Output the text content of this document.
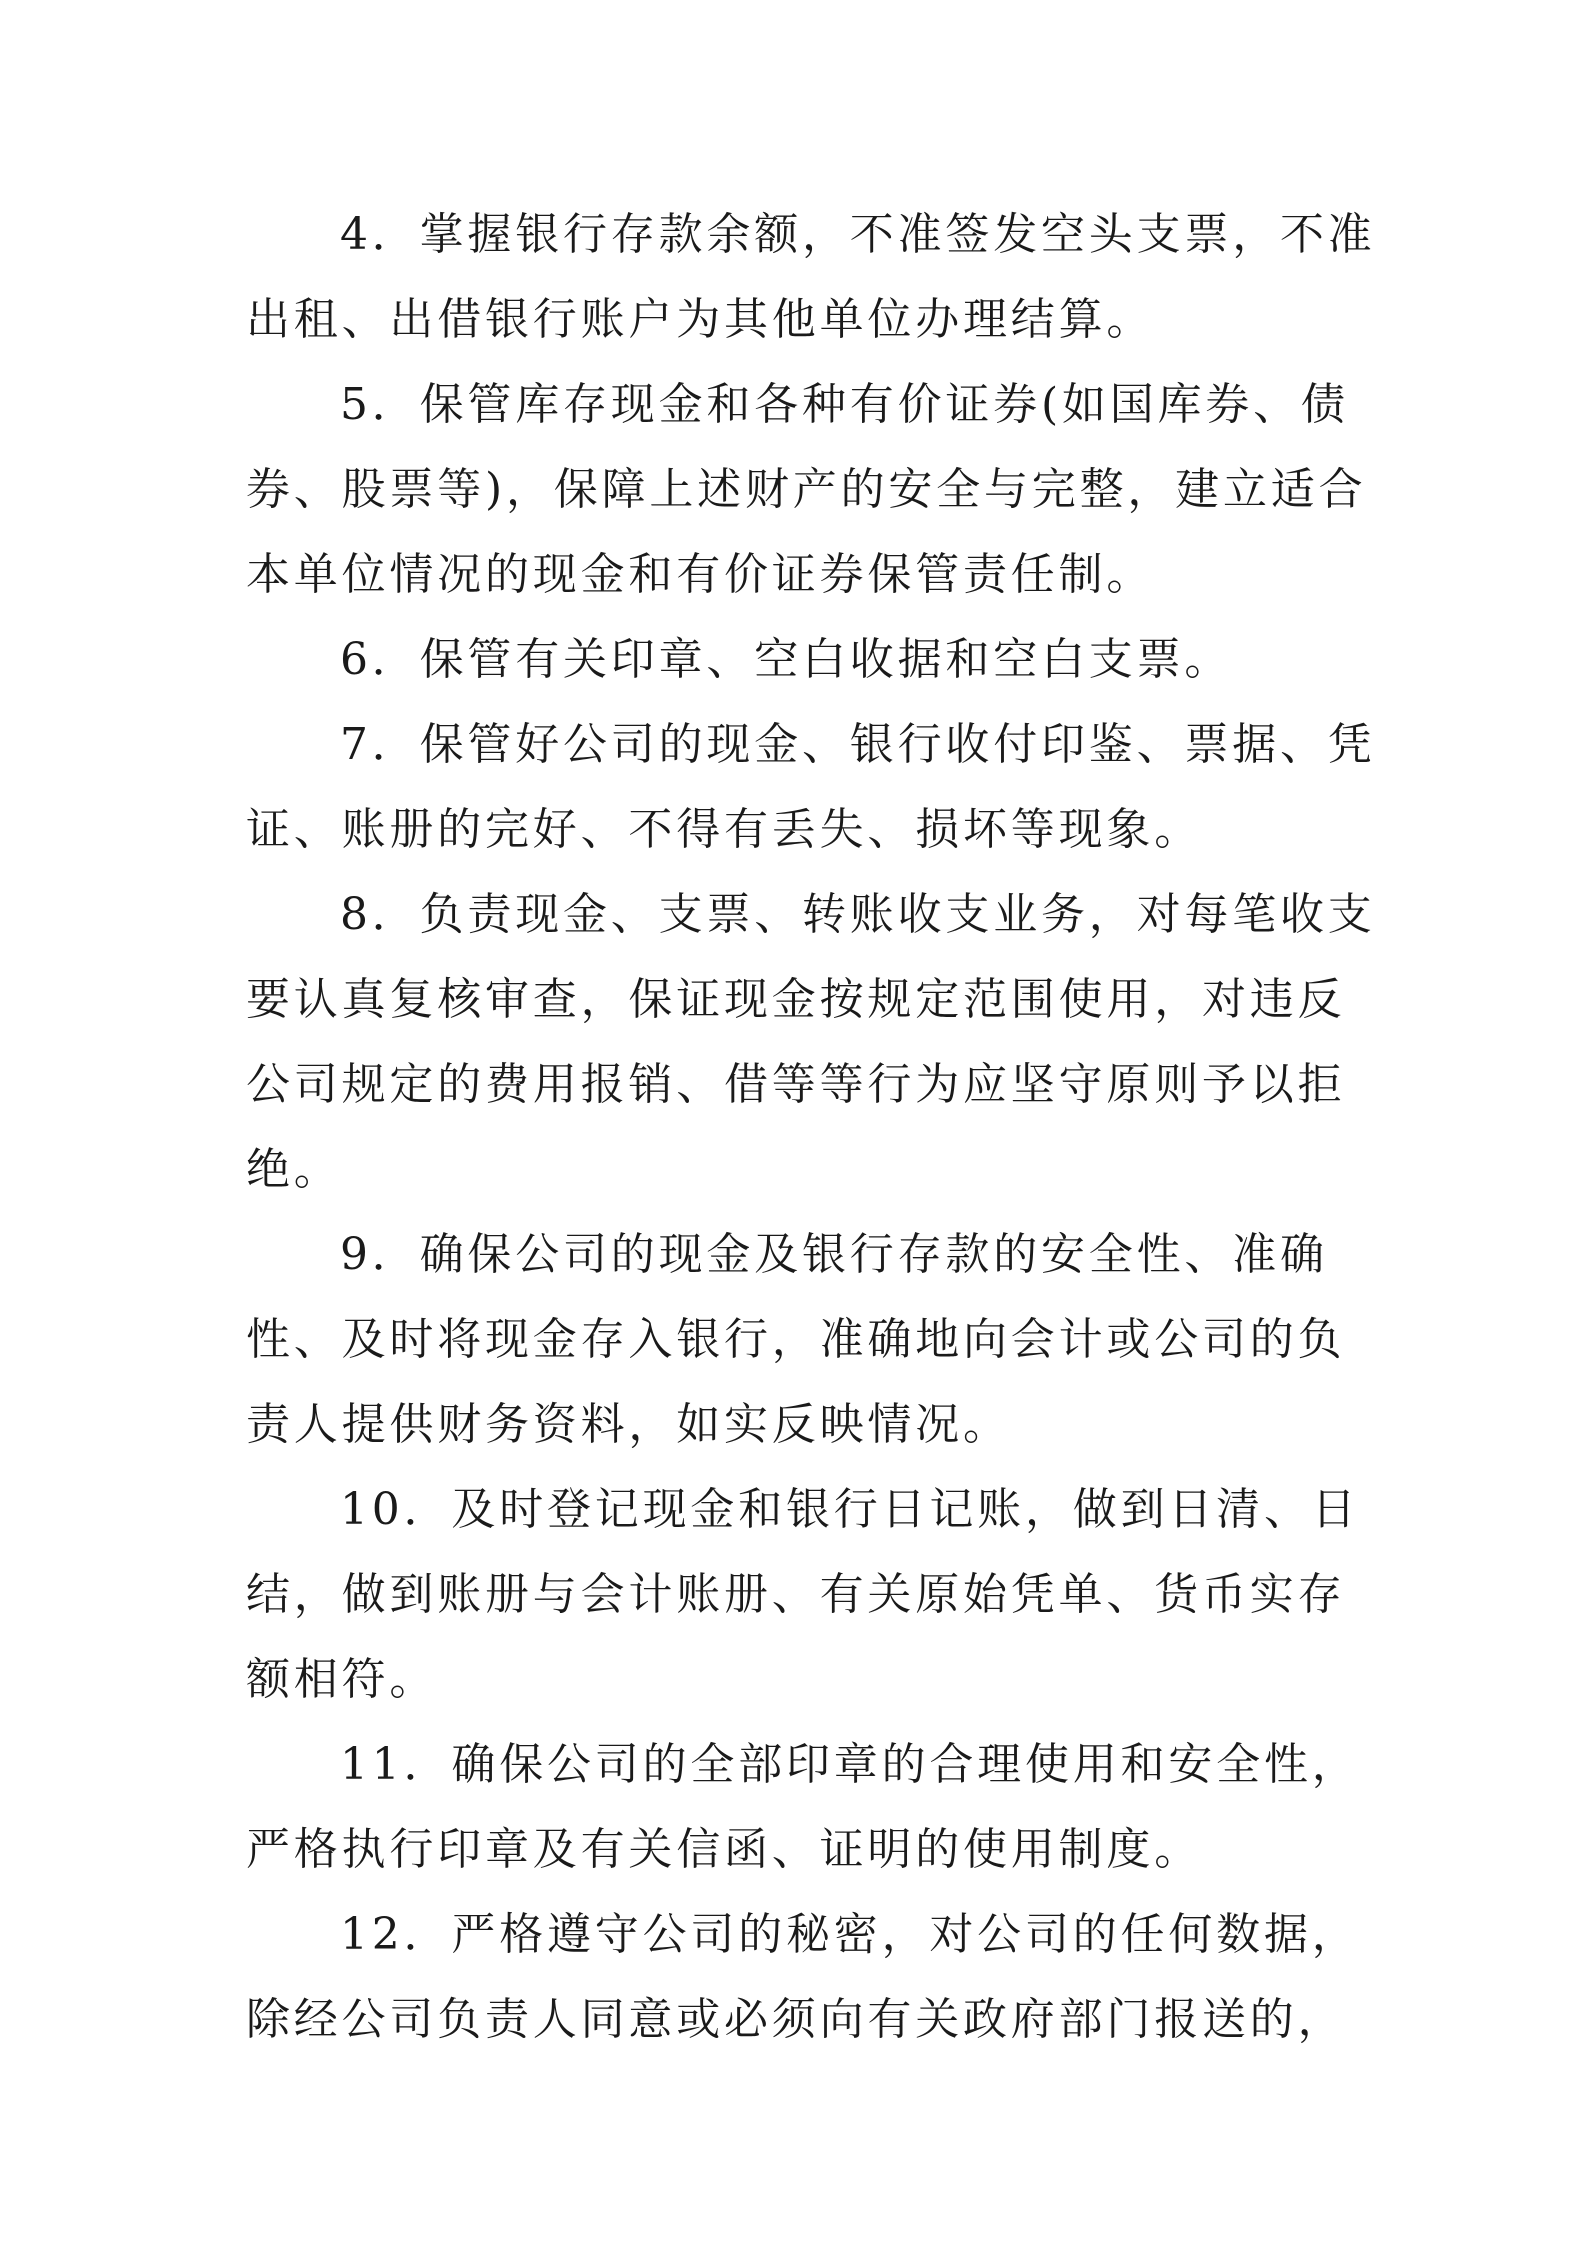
4．掌握银行存款余额，不准签发空头支票，不准

出租、出借银行账户为其他单位办理结算。

5．保管库存现金和各种有价证券(如国库券、债

券、股票等)，保障上述财产的安全与完整，建立适合

本单位情况的现金和有价证券保管责任制。

6．保管有关印章、空白收据和空白支票。

7．保管好公司的现金、银行收付印鉴、票据、凭

证、账册的完好、不得有丢失、损坏等现象。

8．负责现金、支票、转账收支业务，对每笔收支

要认真复核审查，保证现金按规定范围使用，对违反

公司规定的费用报销、借等等行为应坚守原则予以拒

绝。

9．确保公司的现金及银行存款的安全性、准确

性、及时将现金存入银行，准确地向会计或公司的负

责人提供财务资料，如实反映情况。

10．及时登记现金和银行日记账，做到日清、日

结，做到账册与会计账册、有关原始凭单、货币实存

额相符。

11．确保公司的全部印章的合理使用和安全性，

严格执行印章及有关信函、证明的使用制度。

12．严格遵守公司的秘密，对公司的任何数据，

除经公司负责人同意或必须向有关政府部门报送的，
